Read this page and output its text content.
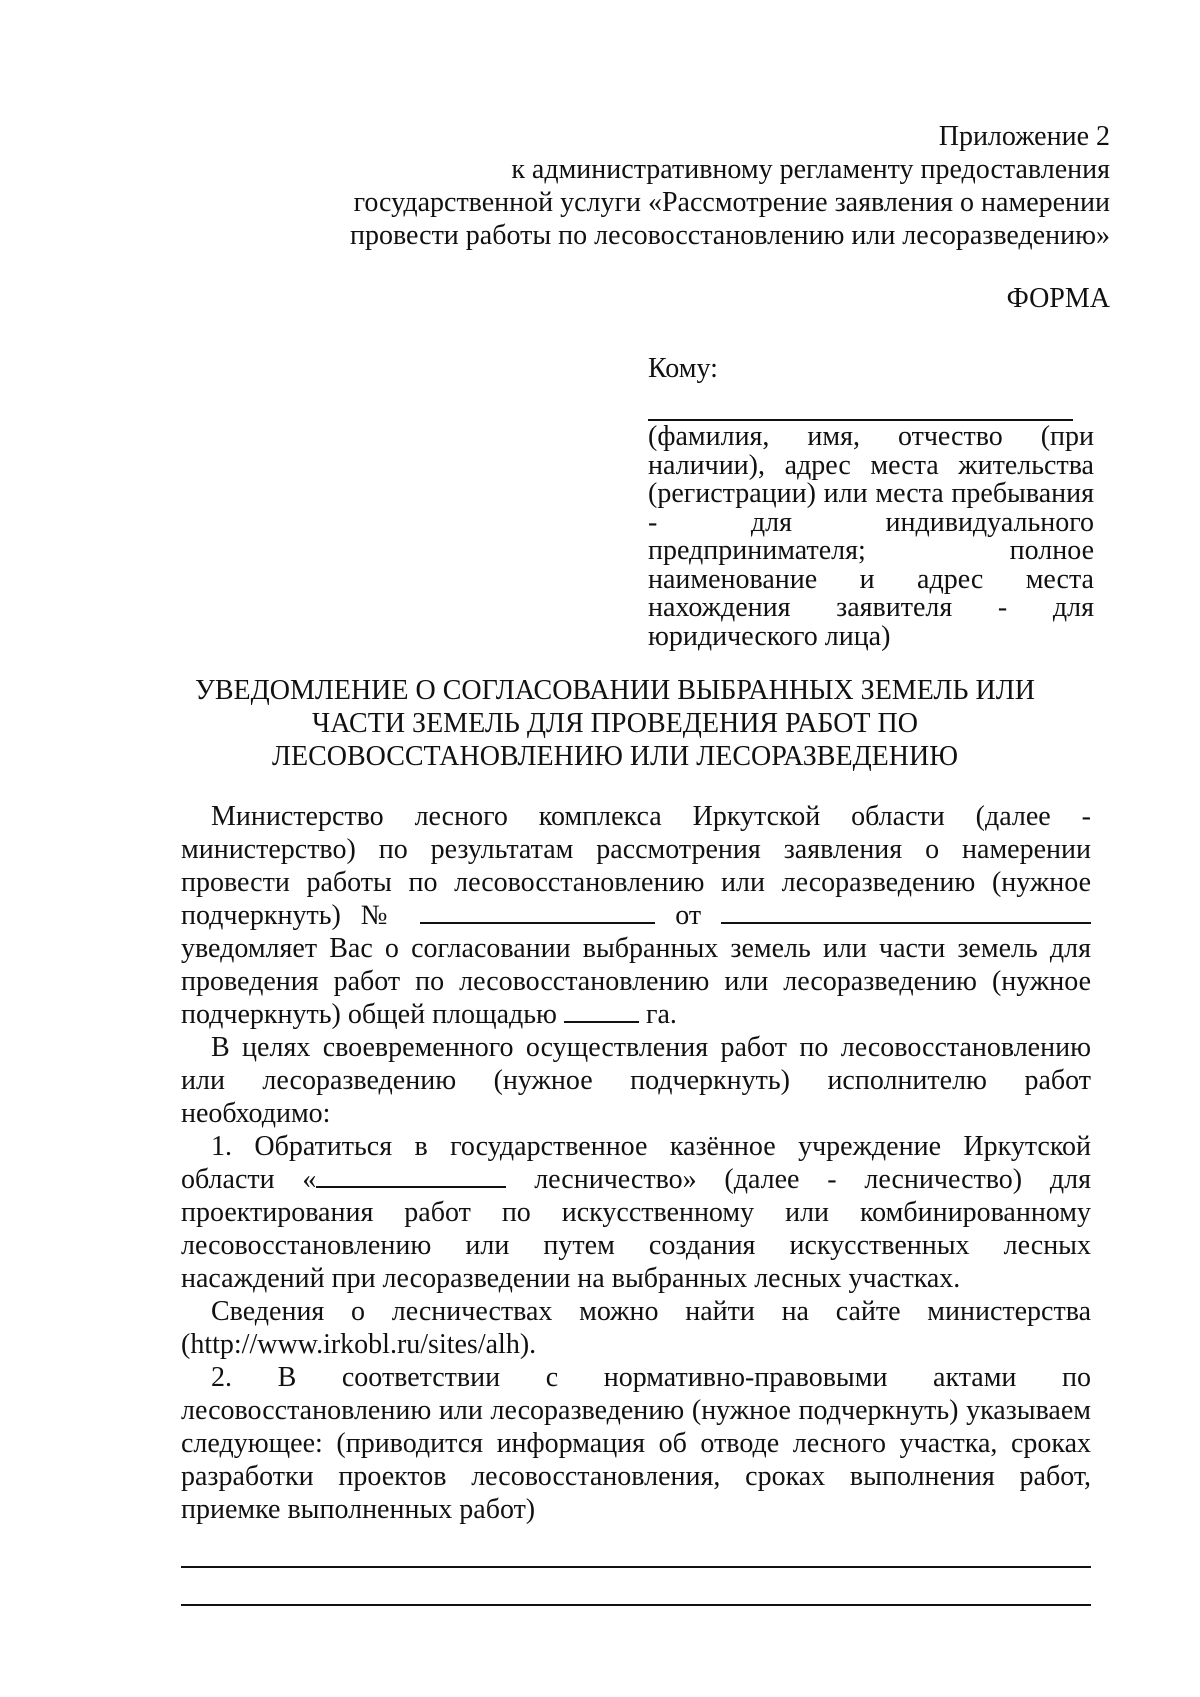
Приложение 2
к административному регламенту предоставления
государственной услуги «Рассмотрение заявления о намерении
провести работы по лесовосстановлению или лесоразведению»
ФОРМА
Кому:
(фамилия, имя, отчество (при наличии), адрес места жительства (регистрации) или места пребывания - для индивидуального предпринимателя; полное наименование и адрес места нахождения заявителя - для юридического лица)
УВЕДОМЛЕНИЕ О СОГЛАСОВАНИИ ВЫБРАННЫХ ЗЕМЕЛЬ ИЛИ
ЧАСТИ ЗЕМЕЛЬ ДЛЯ ПРОВЕДЕНИЯ РАБОТ ПО
ЛЕСОВОССТАНОВЛЕНИЮ ИЛИ ЛЕСОРАЗВЕДЕНИЮ

Министерство лесного комплекса Иркутской области (далее - министерство) по результатам рассмотрения заявления о намерении провести работы по лесовосстановлению или лесоразведению (нужное подчеркнуть) №	от  уведомляет Вас о согласовании выбранных земель или части земель для проведения работ по лесовосстановлению или лесоразведению (нужное подчеркнуть) общей площадью	га.

В целях своевременного осуществления работ по лесовосстановлению или лесоразведению (нужное подчеркнуть) исполнителю работ необходимо:

1. Обратиться в государственное казённое учреждение Иркутской области «	лесничество» (далее - лесничество) для проектирования работ по искусственному или комбинированному лесовосстановлению или путем создания искусственных лесных насаждений при лесоразведении на выбранных лесных участках.

Сведения о лесничествах можно найти на сайте министерства (http://www.irkobl.ru/sites/alh).

2. В соответствии с нормативно-правовыми актами по лесовосстановлению или лесоразведению (нужное подчеркнуть) указываем следующее: (приводится информация об отводе лесного участка, сроках разработки проектов лесовосстановления, сроках выполнения работ, приемке выполненных работ)
